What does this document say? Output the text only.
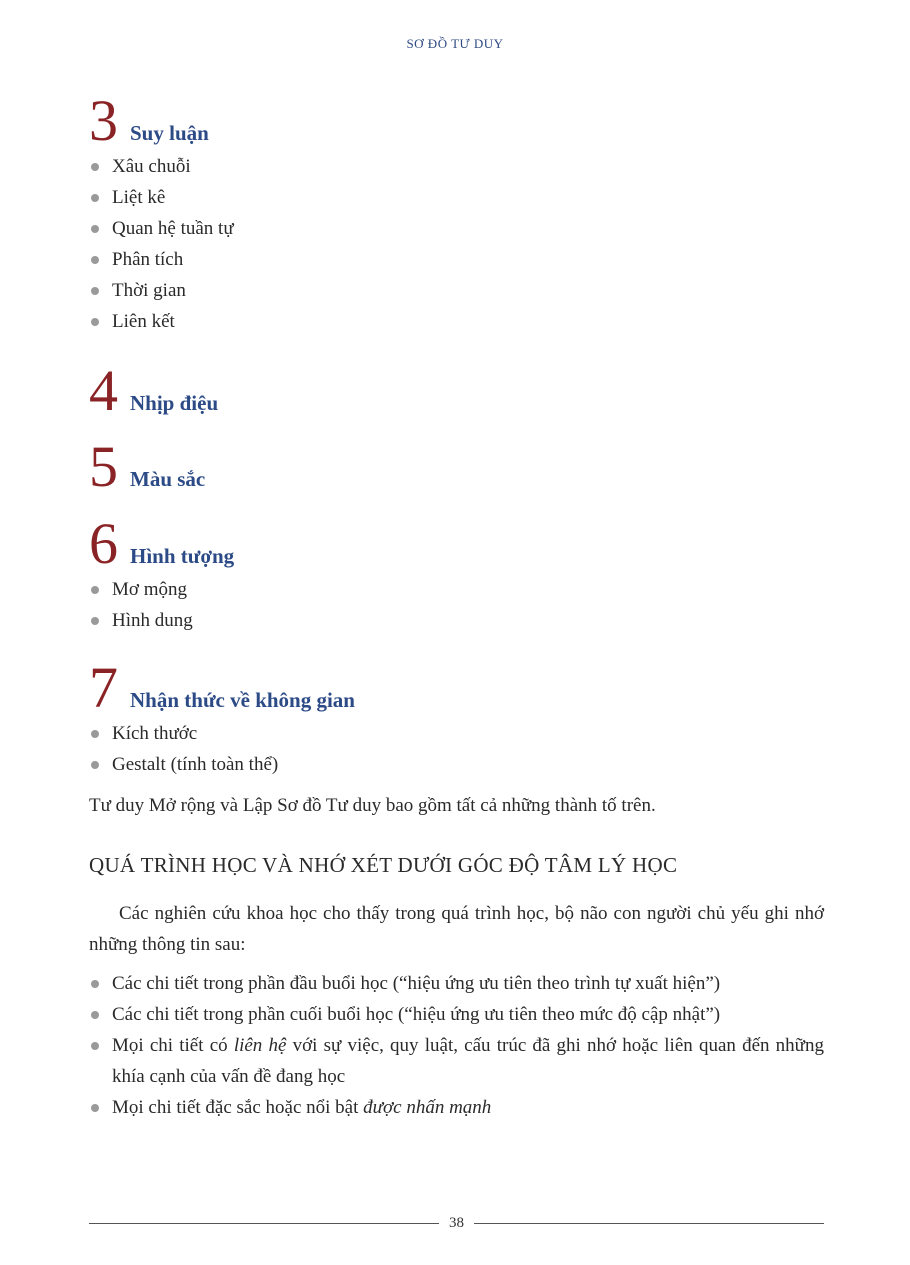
SƠ ĐỒ TƯ DUY
3 Suy luận
Xâu chuỗi
Liệt kê
Quan hệ tuần tự
Phân tích
Thời gian
Liên kết
4 Nhịp điệu
5 Màu sắc
6 Hình tượng
Mơ mộng
Hình dung
7 Nhận thức về không gian
Kích thước
Gestalt (tính toàn thể)
Tư duy Mở rộng và Lập Sơ đồ Tư duy bao gồm tất cả những thành tố trên.
QUÁ TRÌNH HỌC VÀ NHỚ XÉT DƯỚI GÓC ĐỘ TÂM LÝ HỌC
Các nghiên cứu khoa học cho thấy trong quá trình học, bộ não con người chủ yếu ghi nhớ những thông tin sau:
Các chi tiết trong phần đầu buổi học (“hiệu ứng ưu tiên theo trình tự xuất hiện”)
Các chi tiết trong phần cuối buổi học (“hiệu ứng ưu tiên theo mức độ cập nhật”)
Mọi chi tiết có liên hệ với sự việc, quy luật, cấu trúc đã ghi nhớ hoặc liên quan đến những khía cạnh của vấn đề đang học
Mọi chi tiết đặc sắc hoặc nổi bật được nhấn mạnh
38
